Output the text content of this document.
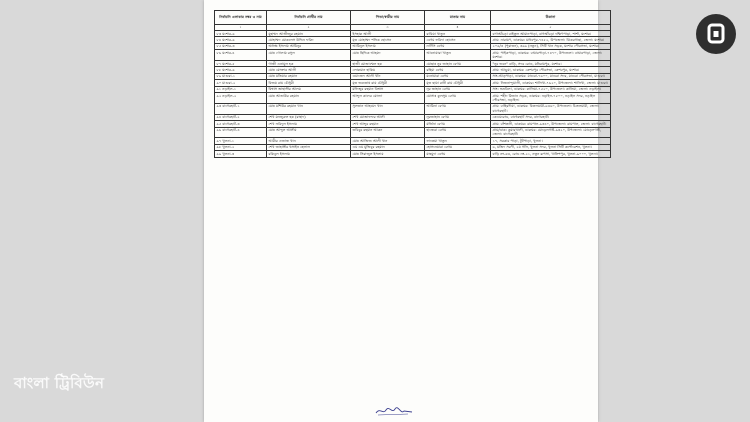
নির্বাচনি এলাকার নম্বর ও নাম	নির্বাচনি প্রার্থীর নাম	পিতা/স্বামীর নাম	মাতার নাম	ঠিকানা
১	২	৩	৪	৫
৮৩ যশোর-৬	মুহাম্মদ আজীজুর রহমান	ইসহাক আলী	রাবিয়া খাতুন	বাগআঁচড়া বাইতুল আমানপাড়া, বাগআঁচড়া দক্ষিণপাড়া, শার্শা, যশোর।
৮৪ যশোর-৬	মোহাম্মদ মোকলেস উদ্দিন ফরিদ	মৃত মোহাম্মদ শফিক হোসেন	বেগম ফরিদা হোসেন	গ্রাম: নারায়ণ, ডাকঘর: মাধবপুর-৭৪৫২, উপজেলা: ঝিকরগাছা, জেলা: যশোর।
৮৫ যশোর-৩	অধ্যক্ষ ইসলাম আমিনুর	আমিনুল ইসলাম	নার্গিস বেগম	২০৬/এ (পুরাতন), ৩৯৬ (নতুন), সিটি খান সড়ক, যশোর পৌরসভা, যশোর।
৮৬ যশোর-৪	মোঃ গোলাম রসুল	মোঃ ছিদ্দিক আহমদ	আনোয়ারা খাতুন	গ্রাম: পাইকপাড়া, ডাকঘর: বাঘারপাড়া-৭৪৭০, উপজেলা: বাঘারপাড়া, জেলা: যশোর।
৮৭ যশোর-৫	গাজী এনামুল হক	হাজী মোজাম্মেল হক	মোছাঃ নুর জাহান বেগম	"নূর ভবন" বাড়ি, সদর রোড, মনিরামপুর, যশোর।
৮৮ যশোর-৬	মোঃ মোক্তার আলী	লোকমান হাকিম	রহিমা বেগম	গ্রাম: আড়ুয়া, ডাকঘর: কেশবপুর পৌরসভা, কেশবপুর, যশোর।
৮৯ মাগুরা-১	মোঃ মতিয়ার রহমান	ওয়াজেদ আলী খাঁন	মনোয়ারা বেগম	সাং-আড়পাড়া, ডাকঘর: মাগুরা-৭৬০০, মাগুরা সদর, মাগুরা পৌরসভা, মাগুরা।
৯০ মাগুরা-২	বিজয় রায় চৌধুরী	মৃত ভবতোষ রায় চৌধুরী	মৃত ছায়া রানী রায় চৌধুরী	গ্রাম: নিজনান্দুয়ালী, ডাকঘর: শালিখা-৭৬২০, উপজেলা: শালিখা, জেলা: মাগুরা।
৯১ নড়াইল-১	বিশ্বাস জাহাঙ্গীর আলম	মফিজুর রহমান বিশ্বাস	নূর জাহান বেগম	সাং: ভদ্রবিলা, ডাকঘর: কালিয়া-৭৫২০, উপজেলা: কালিয়া, জেলা: নড়াইল।
৯২ নড়াইল-২	মোঃ আতাউর রহমান	আব্দুল কাদের মোল্যা	মোসাঃ কুলসুম বেগম	গ্রাম: শহীদ মিজান সড়ক, ডাকঘর: নড়াইল-৭৫০০, নড়াইল সদর, নড়াইল পৌরসভা, নড়াইল।
৯৩ বাগেরহাট-১	মোঃ মশিউর রহমান খান	সুলতান আহমেদ খান	আমিনা বেগম	গ্রাম: বাহিরদিয়া, ডাকঘর: চিতলমারী-৯৩৬০, উপজেলা: চিতলমারী, জেলা: বাগেরহাট।
৯৪ বাগেরহাট-২	শেখ মনজুরুল হক (রাহাদ)	শেখ মোজাফফর আলী	নূরজাহান বেগম	কেএমরোড, বাগেরহাট সদর, বাগেরহাট।
৯৫ বাগেরহাট-৩	শেখ ফরিদুল ইসলাম	শেখ আব্দুর রহমান	মর্জিনা বেগম	গ্রাম: বাঁশতলী, ডাকঘর: রামপাল-৯৩৪০, উপজেলা: রামপাল, জেলা: বাগেরহাট।
৯৬ বাগেরহাট-৪	মোঃ আব্দুল আলীম	তবিবুর রহমান আকন	হাজেরা বেগম	গ্রাম/ডাক: কুমারখালী, ডাকঘর: মোড়েলগঞ্জ-৯৩২০, উপজেলা: মোড়েলগঞ্জ, জেলা: বাগেরহাট।
৯৭ খুলনা-১	আমীর এজাজ খান	মোঃ আজিজ আলী খান	ফাতেমা খাতুন	১৭, সরকার পাড়া, টুটপাড়া, খুলনা।
৯৮ খুলনা-২	শেখ জাহাঙ্গীর হুসাইন হেলাল	এম এম মুজিবুর রহমান	হোসনেয়ারা বেগম	৬, মজিদ সরণী, ২য় গলি, খুলনা সদর, খুলনা সিটি কর্পোরেশন, খুলনা।
৯৯ খুলনা-৩	রকিবুল ইসলাম	মোঃ সিরাজুল ইসলাম	মাহমুদা বেগম	বাড়ি নং-৬৩, রোড নং-২১, নতুন রূপসা, খালিশপুর, খুলনা-৯০০০, খুলনা।
বাংলা ট্রিবিউন
